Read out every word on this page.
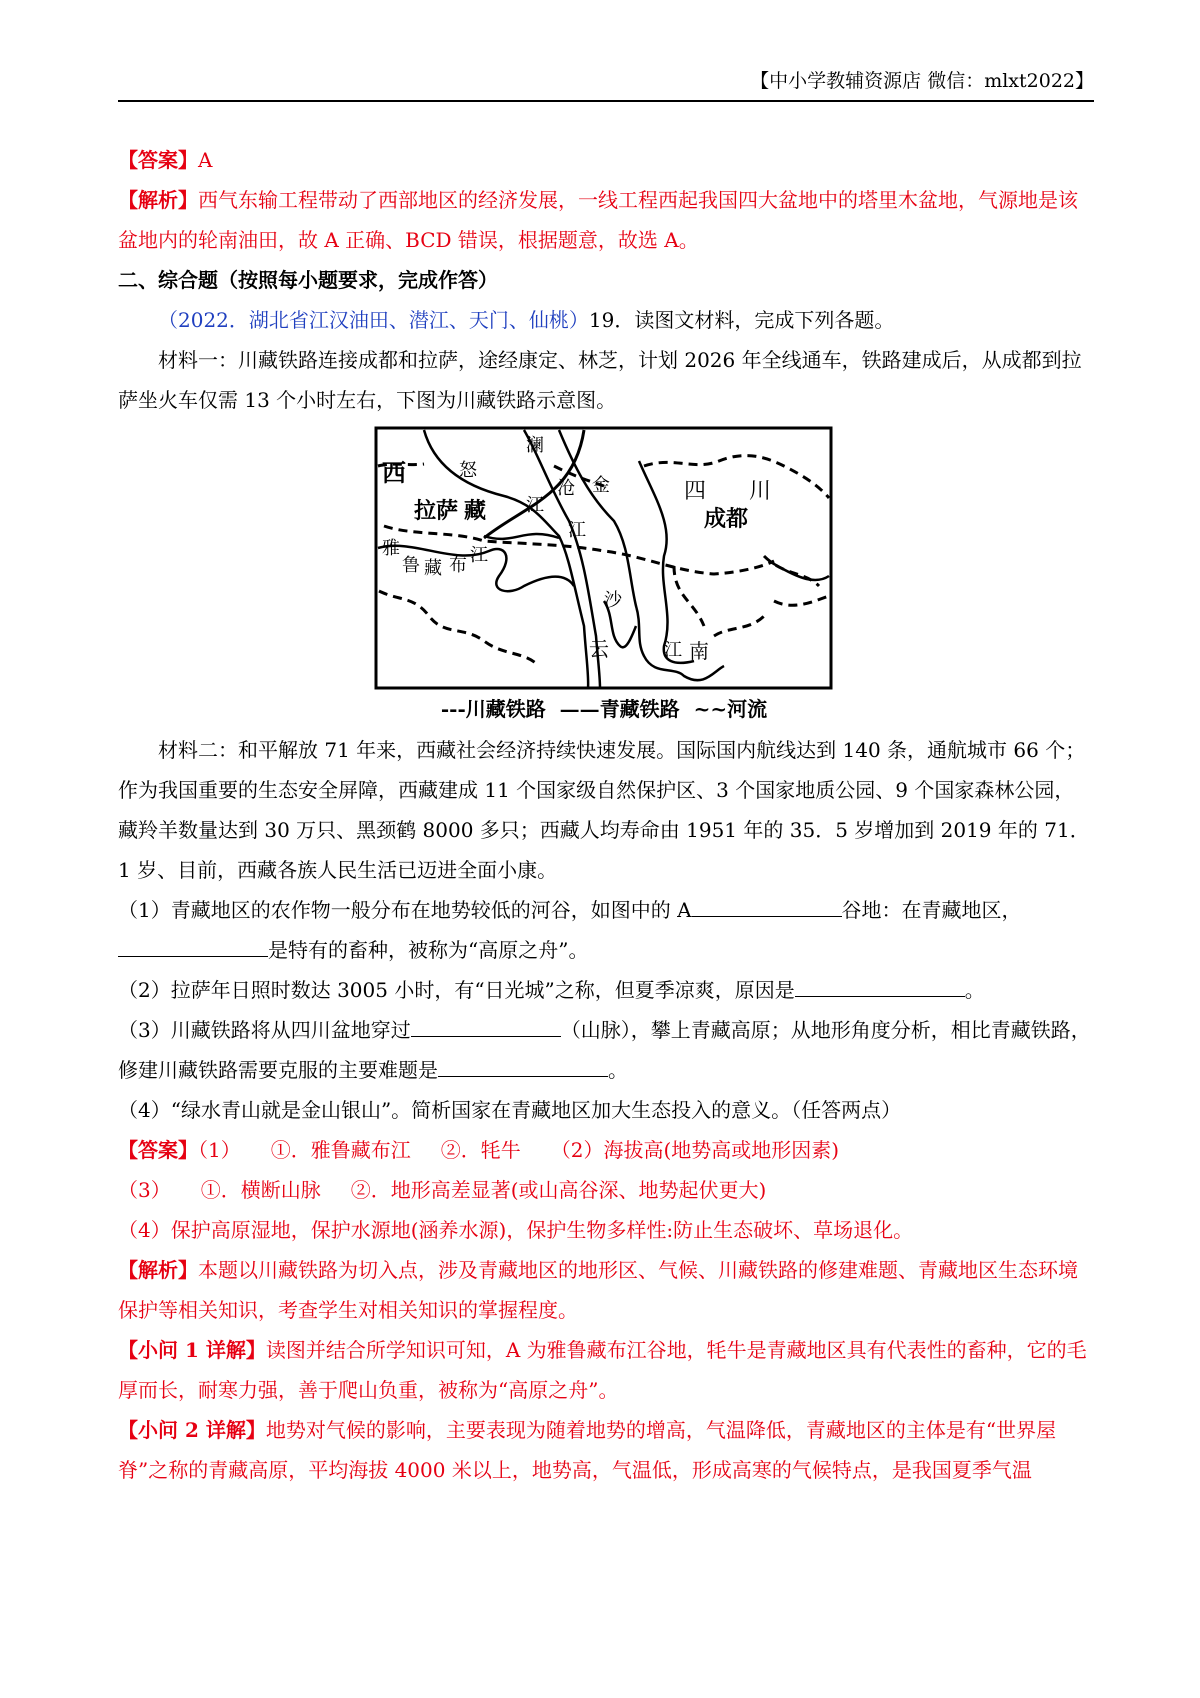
【中小学教辅资源店 微信：mlxt2022】

【答案】A

【解析】西气东输工程带动了西部地区的经济发展，一线工程西起我国四大盆地中的塔里木盆地，气源地是该盆地内的轮南油田，故 A 正确、BCD 错误，根据题意，故选 A。

二、综合题（按照每小题要求，完成作答）

（2022．湖北省江汉油田、潜江、天门、仙桃）19．读图文材料，完成下列各题。

材料一：川藏铁路连接成都和拉萨，途经康定、林芝，计划 2026 年全线通车，铁路建成后，从成都到拉萨坐火车仅需 13 个小时左右，下图为川藏铁路示意图。

西
拉萨 藏
雅
鲁 藏 布 江
怒
江
澜
沧
江
金
沙
江
云	南
四 川
成都
---川藏铁路  ——青藏铁路  ~~河流

材料二：和平解放 71 年来，西藏社会经济持续快速发展。国际国内航线达到 140 条，通航城市 66 个；作为我国重要的生态安全屏障，西藏建成 11 个国家级自然保护区、3 个国家地质公园、9 个国家森林公园，藏羚羊数量达到 30 万只、黑颈鹤 8000 多只；西藏人均寿命由 1951 年的 35．5 岁增加到 2019 年的 71．1 岁、目前，西藏各族人民生活已迈进全面小康。

（1）青藏地区的农作物一般分布在地势较低的河谷，如图中的 A	谷地：在青藏地区，
是特有的畜种，被称为“高原之舟”。

（2）拉萨年日照时数达 3005 小时，有“日光城”之称，但夏季凉爽，原因是	。

（3）川藏铁路将从四川盆地穿过	（山脉），攀上青藏高原；从地形角度分析，相比青藏铁路，修建川藏铁路需要克服的主要难题是	。

（4）“绿水青山就是金山银山”。简析国家在青藏地区加大生态投入的意义。（任答两点）

【答案】（1） ①．雅鲁藏布江 ②．牦牛 （2）海拔高(地势高或地形因素)

（3） ①．横断山脉 ②．地形高差显著(或山高谷深、地势起伏更大)

（4）保护高原湿地，保护水源地(涵养水源)，保护生物多样性:防止生态破坏、草场退化。

【解析】本题以川藏铁路为切入点，涉及青藏地区的地形区、气候、川藏铁路的修建难题、青藏地区生态环境保护等相关知识，考查学生对相关知识的掌握程度。

【小问 1 详解】读图并结合所学知识可知，A 为雅鲁藏布江谷地，牦牛是青藏地区具有代表性的畜种，它的毛厚而长，耐寒力强，善于爬山负重，被称为“高原之舟”。

【小问 2 详解】地势对气候的影响，主要表现为随着地势的增高，气温降低，青藏地区的主体是有“世界屋脊”之称的青藏高原，平均海拔 4000 米以上，地势高，气温低，形成高寒的气候特点，是我国夏季气温
